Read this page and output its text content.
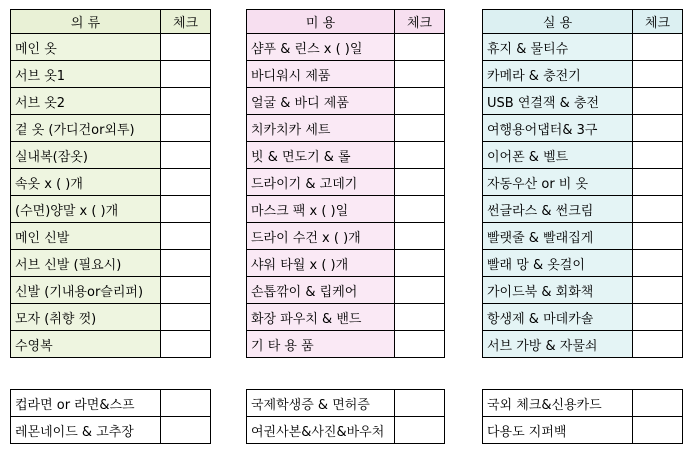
의 류	체크
메인 옷	
서브 옷1	
서브 옷2	
겉 옷 (가디건or외투)	
실내복(잠옷)	
속옷 x ( )개	
(수면)양말 x ( )개	
메인 신발	
서브 신발 (필요시)	
신발 (기내용or슬리퍼)	
모자 (취향 껏)	
수영복	
미 용	체크
샴푸 & 린스 x ( )일	
바디워시 제품	
얼굴 & 바디 제품	
치카치카 세트	
빗 & 면도기 & 롤	
드라이기 & 고데기	
마스크 팩 x ( )일	
드라이 수건 x ( )개	
샤워 타월 x ( )개	
손톱깎이 & 립케어	
화장 파우치 & 밴드	
기 타 용 품	
실 용	체크
휴지 & 물티슈	
카메라 & 충전기	
USB 연결잭 & 충전	
여행용어댑터& 3구	
이어폰 & 벨트	
자동우산 or 비 옷	
썬글라스 & 썬크림	
빨랫줄 & 빨래집게	
빨래 망 & 옷걸이	
가이드북 & 회화책	
항생제 & 마데카솔	
서브 가방 & 자물쇠	
컵라면 or 라면&스프	
레몬네이드 & 고추장	
국제학생증 & 면허증	
여권사본&사진&바우처	
국외 체크&신용카드	
다용도 지퍼백	
